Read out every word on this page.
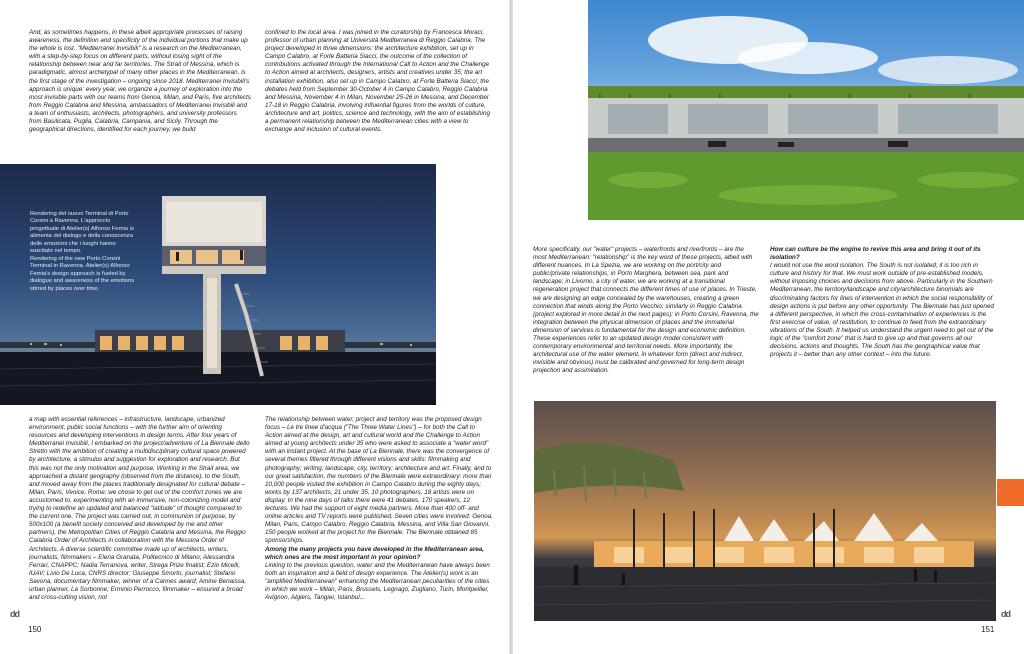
And, as sometimes happens, in these albeit appropriate processes of raising awareness, the definition and specificity of the individual portions that make up the whole is lost. "Mediterranei Invisibili" is a research on the Mediterranean, with a step-by-step focus on different parts, without losing sight of the relationship between near and far territories. The Strait of Messina, which is paradigmatic, almost archetypal of many other places in the Mediterranean, is the first stage of the investigation – ongoing since 2018. Mediterranei Invisibili's approach is unique: every year, we organize a journey of exploration into the most invisible parts with our teams from Genoa, Milan, and Paris, five architects from Reggio Calabria and Messina, ambassadors of Mediterranei Invisibili and a team of enthusiasts, architects, photographers, and university professors from Basilicata, Puglia, Calabria, Campania, and Sicily. Through the geographical directions, identified for each journey, we build

confined to the local area. I was joined in the curatorship by Francesca Moraci, professor of urban planning at Università Mediterranea di Reggio Calabria. The project developed in three dimensions: the architecture exhibition, set up in Campo Calabro, at Forte Batteria Siacci, the outcome of the collection of contributions activated through the International Call to Action and the Challenge to Action aimed at architects, designers, artists and creatives under 35; the art installation exhibition, also set up in Campo Calabro, at Forte Batteria Siacci; the debates held from September 30-October 4 in Campo Calabro, Reggio Calabria and Messina, November 4 in Milan, November 25-26 in Messina, and December 17-18 in Reggio Calabria, involving influential figures from the worlds of culture, architecture and art, politics, science and technology, with the aim of establishing a permanent relationship between the Mediterranean cities with a view to exchange and inclusion of cultural events.

Rendering del nuovo Terminal di Porto Corsini a Ravenna. L'approccio progettuale di Atelier(s) Alfonso Femia si alimenta del dialogo e della conoscenza delle emozioni che i luoghi hanno suscitato nel tempo.
Rendering of the new Porto Corsini Terminal in Ravenna. Atelier(s) Alfonso Femia's design approach is fueled by dialogue and awareness of the emotions stirred by places over time.

a map with essential references – infrastructure, landscape, urbanized environment, public social functions – with the further aim of orienting resources and developing interventions in design terms. After four years of Mediterranei Invisibili, I embarked on the project/adventure of La Biennale dello Stretto with the ambition of creating a multidisciplinary cultural space powered by architecture, a stimulus and suggestion for exploration and research. But this was not the only motivation and purpose. Working in the Strait area, we approached a distant geography (observed from the distance), to the South, and moved away from the places traditionally designated for cultural debate – Milan, Paris, Venice, Rome; we chose to get out of the comfort zones we are accustomed to, experimenting with an immersive, non-colonizing model and trying to redefine an updated and balanced "latitude" of thought compared to the current one. The project was carried out, in communion of purpose, by 500x100 (a benefit society conceived and developed by me and other partners), the Metropolitan Cities of Reggio Calabria and Messina, the Reggio Calabria Order of Architects in collaboration with the Messina Order of Architects. A diverse scientific committee made up of architects, writers, journalists, filmmakers – Elena Granata, Politecnico di Milano; Alessandra Ferrari, CNAPPC; Nadia Terranova, writer, Strega Prize finalist; Ezio Micelli, IUAV; Livio De Luca, CNRS director; Giuseppe Smorto, journalist; Stefano Savona, documentary filmmaker, winner of a Cannes award; Amine Benaissa, urban planner, La Sorbonne; Erminio Perrocco, filmmaker – ensured a broad and cross-cutting vision, not

The relationship between water, project and territory was the proposed design focus – Le tre linee d'acqua ("The Three Water Lines") – for both the Call to Action aimed at the design, art and cultural world and the Challenge to Action aimed at young architects under 35 who were asked to associate a "water word" with an instant project. At the base of La Biennale, there was the convergence of several themes filtered through different visions and skills: filmmaking and photography; writing; landscape, city, territory; architecture and art. Finally, and to our great satisfaction, the numbers of the Biennale were extraordinary: more than 10,000 people visited the exhibition in Campo Calabro during the eighty days; works by 137 architects, 21 under 35, 10 photographers, 18 artists were on display. In the nine days of talks there were 41 debates, 170 speakers, 12 lectures. We had the support of eight media partners. More than 400 off- and online articles and TV reports were published. Seven cities were involved: Genoa, Milan, Paris, Campo Calabro, Reggio Calabria, Messina, and Villa San Giovanni. 150 people worked at the project for the Biennale. The Biennale obtained 85 sponsorships.

Among the many projects you have developed in the Mediterranean area, which ones are the most important in your opinion?

Linking to the previous question, water and the Mediterranean have always been both an inspiration and a field of design experience. The Atelier(s) work is an "amplified Mediterranean" enhancing the Mediterranean peculiarities of the cities in which we work – Milan, Paris, Brussels, Legnago, Zugliano, Turin, Montpellier, Avignon, Algiers, Tangier, Istanbul...

dd
150

More specifically, our "water" projects – waterfronts and riverfronts – are the most Mediterranean: "relationship" is the key word of these projects, albeit with different nuances. In La Spezia, we are working on the port/city and public/private relationships; in Porto Marghera, between sea, park and landscape; in Livorno, a city of water, we are working at a transitional regeneration project that connects the different times of use of places. In Trieste, we are designing an edge concealed by the warehouses, creating a green connection that winds along the Porto Vecchio; similarly in Reggio Calabria (project explored in more detail in the next pages); in Porto Corsini, Ravenna, the integration between the physical dimension of places and the immaterial dimension of services is fundamental for the design and economic definition. These experiences refer to an updated design model consistent with contemporary environmental and territorial needs. More importantly, the architectural use of the water element, in whatever form (direct and indirect, invisible and obvious) must be calibrated and governed for long-term design projection and assimilation.

How can culture be the engine to revive this area and bring it out of its isolation?

I would not use the word isolation. The South is not isolated; it is too rich in culture and history for that. We must work outside of pre-established models, without imposing choices and decisions from above. Particularly in the Southern Mediterranean, the territory/landscape and city/architecture binomials are discriminating factors for lines of intervention in which the social responsibility of design actions is put before any other opportunity. The Biennale has just opened a different perspective, in which the cross-contamination of experiences is the first exercise of value, of restitution, to continue to feed from the extraordinary vibrations of the South. It helped us understand the urgent need to get out of the logic of the "comfort zone" that is hard to give up and that governs all our decisions, actions and thoughts. The South has the geographical value that projects it – better than any other context – into the future.

151
dd
